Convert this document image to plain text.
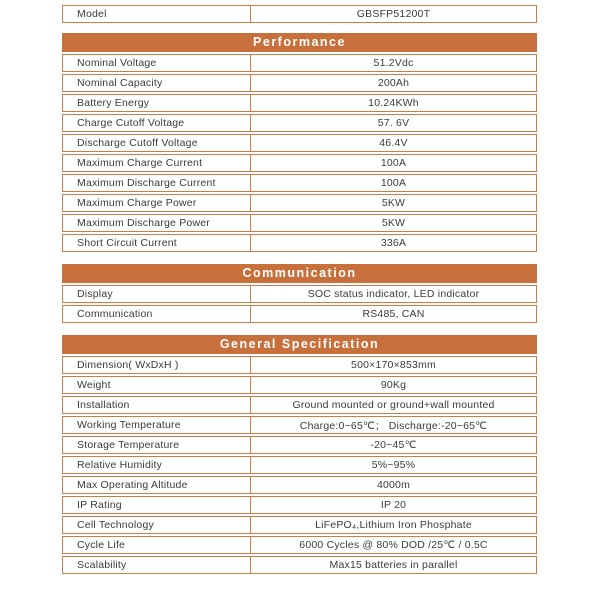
Model	GBSFP51200T
Performance
Nominal Voltage	51.2Vdc
Nominal Capacity	200Ah
Battery Energy	10.24KWh
Charge Cutoff Voltage	57. 6V
Discharge Cutoff Voltage	46.4V
Maximum Charge Current	100A
Maximum Discharge Current	100A
Maximum Charge Power	5KW
Maximum Discharge Power	5KW
Short Circuit Current	336A
Communication
Display	SOC status indicator, LED indicator
Communication	RS485, CAN
General Specification
Dimension( WxDxH )	500×170×853mm
Weight	90Kg
Installation	Ground mounted or ground+wall mounted
Working Temperature	Charge:0~65℃； Discharge:-20~65℃
Storage Temperature	-20~45℃
Relative Humidity	5%~95%
Max Operating Altitude	4000m
IP Rating	IP 20
Cell Technology	LiFePO₄,Lithium Iron Phosphate
Cycle Life	6000 Cycles @ 80% DOD /25℃ / 0.5C
Scalability	Max15 batteries in parallel
